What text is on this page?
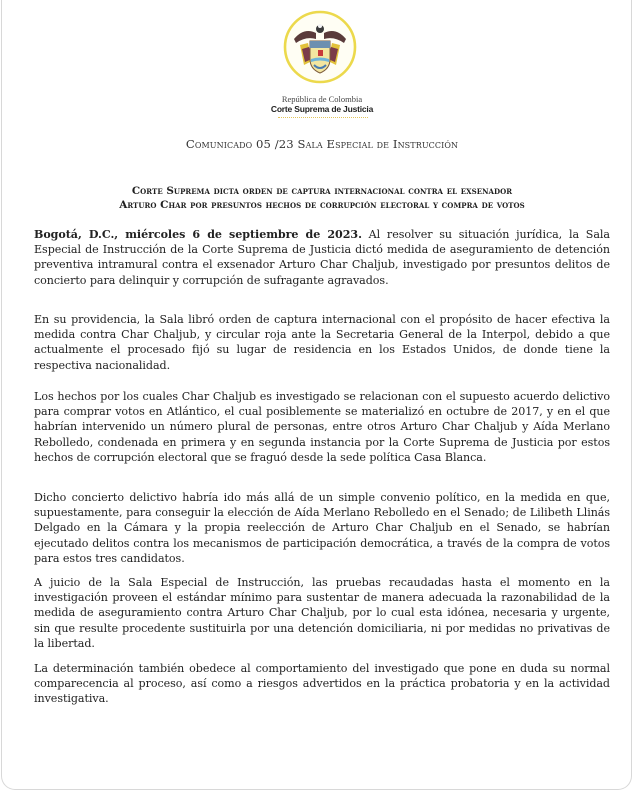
República de Colombia
Corte Suprema de Justicia
Comunicado 05 /23 Sala Especial de Instrucción
Corte Suprema dicta orden de captura internacional contra el exsenador
Arturo Char por presuntos hechos de corrupción electoral y compra de votos
Bogotá, D.C., miércoles 6 de septiembre de 2023. Al resolver su situación jurídica, la Sala Especial de Instrucción de la Corte Suprema de Justicia dictó medida de aseguramiento de detención preventiva intramural contra el exsenador Arturo Char Chaljub, investigado por presuntos delitos de concierto para delinquir y corrupción de sufragante agravados.
En su providencia, la Sala libró orden de captura internacional con el propósito de hacer efectiva la medida contra Char Chaljub, y circular roja ante la Secretaria General de la Interpol, debido a que actualmente el procesado fijó su lugar de residencia en los Estados Unidos, de donde tiene la respectiva nacionalidad.
Los hechos por los cuales Char Chaljub es investigado se relacionan con el supuesto acuerdo delictivo para comprar votos en Atlántico, el cual posiblemente se materializó en octubre de 2017, y en el que habrían intervenido un número plural de personas, entre otros Arturo Char Chaljub y Aída Merlano Rebolledo, condenada en primera y en segunda instancia por la Corte Suprema de Justicia por estos hechos de corrupción electoral que se fraguó desde la sede política Casa Blanca.
Dicho concierto delictivo habría ido más allá de un simple convenio político, en la medida en que, supuestamente, para conseguir la elección de Aída Merlano Rebolledo en el Senado; de Lilibeth Llinás Delgado en la Cámara y la propia reelección de Arturo Char Chaljub en el Senado, se habrían ejecutado delitos contra los mecanismos de participación democrática, a través de la compra de votos para estos tres candidatos.
A juicio de la Sala Especial de Instrucción, las pruebas recaudadas hasta el momento en la investigación proveen el estándar mínimo para sustentar de manera adecuada la razonabilidad de la medida de aseguramiento contra Arturo Char Chaljub, por lo cual esta idónea, necesaria y urgente, sin que resulte procedente sustituirla por una detención domiciliaria, ni por medidas no privativas de la libertad.
La determinación también obedece al comportamiento del investigado que pone en duda su normal comparecencia al proceso, así como a riesgos advertidos en la práctica probatoria y en la actividad investigativa.
